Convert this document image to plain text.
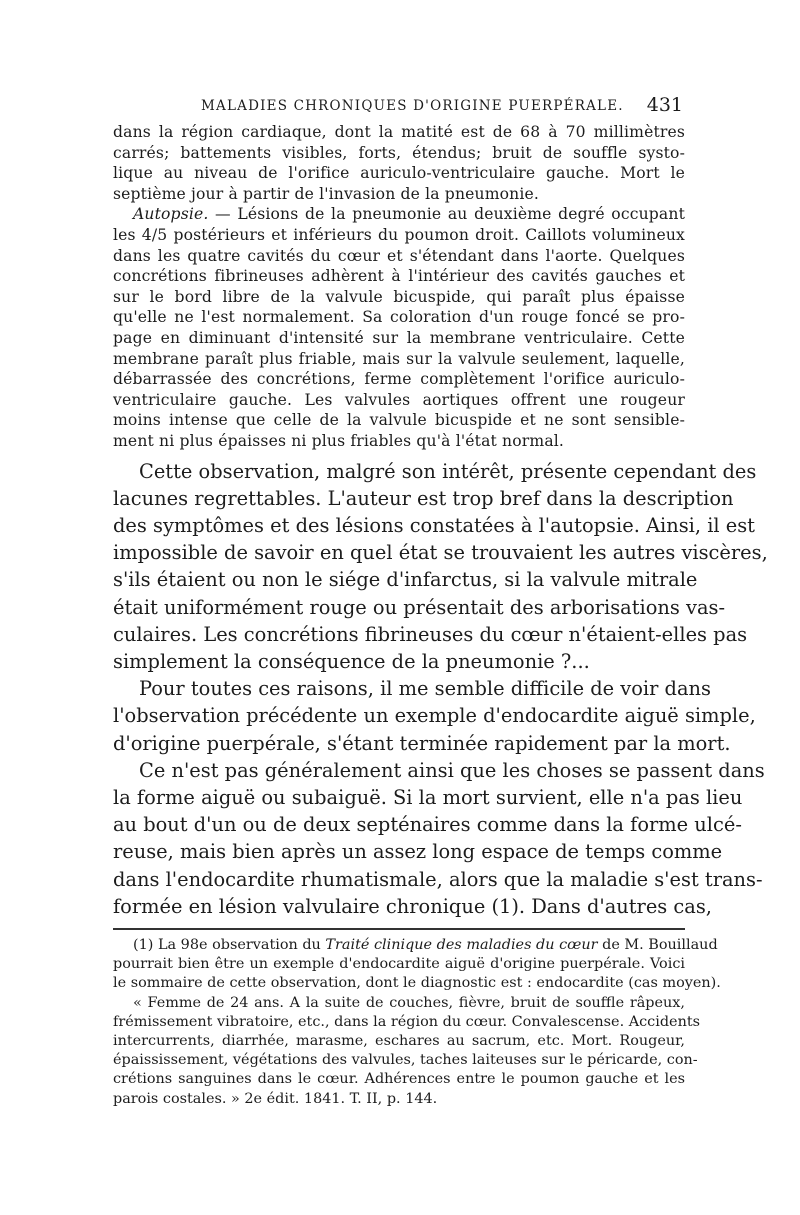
MALADIES CHRONIQUES D'ORIGINE PUERPÉRALE. 431
dans la région cardiaque, dont la matité est de 68 à 70 millimètres
carrés; battements visibles, forts, étendus; bruit de souffle systo-
lique au niveau de l'orifice auriculo-ventriculaire gauche. Mort le
septième jour à partir de l'invasion de la pneumonie.
Autopsie. — Lésions de la pneumonie au deuxième degré occupant
les 4/5 postérieurs et inférieurs du poumon droit. Caillots volumineux
dans les quatre cavités du cœur et s'étendant dans l'aorte. Quelques
concrétions fibrineuses adhèrent à l'intérieur des cavités gauches et
sur le bord libre de la valvule bicuspide, qui paraît plus épaisse
qu'elle ne l'est normalement. Sa coloration d'un rouge foncé se pro-
page en diminuant d'intensité sur la membrane ventriculaire. Cette
membrane paraît plus friable, mais sur la valvule seulement, laquelle,
débarrassée des concrétions, ferme complètement l'orifice auriculo-
ventriculaire gauche. Les valvules aortiques offrent une rougeur
moins intense que celle de la valvule bicuspide et ne sont sensible-
ment ni plus épaisses ni plus friables qu'à l'état normal.
Cette observation, malgré son intérêt, présente cependant des
lacunes regrettables. L'auteur est trop bref dans la description
des symptômes et des lésions constatées à l'autopsie. Ainsi, il est
impossible de savoir en quel état se trouvaient les autres viscères,
s'ils étaient ou non le siége d'infarctus, si la valvule mitrale
était uniformément rouge ou présentait des arborisations vas-
culaires. Les concrétions fibrineuses du cœur n'étaient-elles pas
simplement la conséquence de la pneumonie ?...
Pour toutes ces raisons, il me semble difficile de voir dans
l'observation précédente un exemple d'endocardite aiguë simple,
d'origine puerpérale, s'étant terminée rapidement par la mort.
Ce n'est pas généralement ainsi que les choses se passent dans
la forme aiguë ou subaiguë. Si la mort survient, elle n'a pas lieu
au bout d'un ou de deux septénaires comme dans la forme ulcé-
reuse, mais bien après un assez long espace de temps comme
dans l'endocardite rhumatismale, alors que la maladie s'est trans-
formée en lésion valvulaire chronique (1). Dans d'autres cas,
(1) La 98e observation du Traité clinique des maladies du cœur de M. Bouillaud
pourrait bien être un exemple d'endocardite aiguë d'origine puerpérale. Voici
le sommaire de cette observation, dont le diagnostic est : endocardite (cas moyen).
« Femme de 24 ans. A la suite de couches, fièvre, bruit de souffle râpeux,
frémissement vibratoire, etc., dans la région du cœur. Convalescense. Accidents
intercurrents, diarrhée, marasme, eschares au sacrum, etc. Mort. Rougeur,
épaississement, végétations des valvules, taches laiteuses sur le péricarde, con-
crétions sanguines dans le cœur. Adhérences entre le poumon gauche et les
parois costales. » 2e édit. 1841. T. II, p. 144.
